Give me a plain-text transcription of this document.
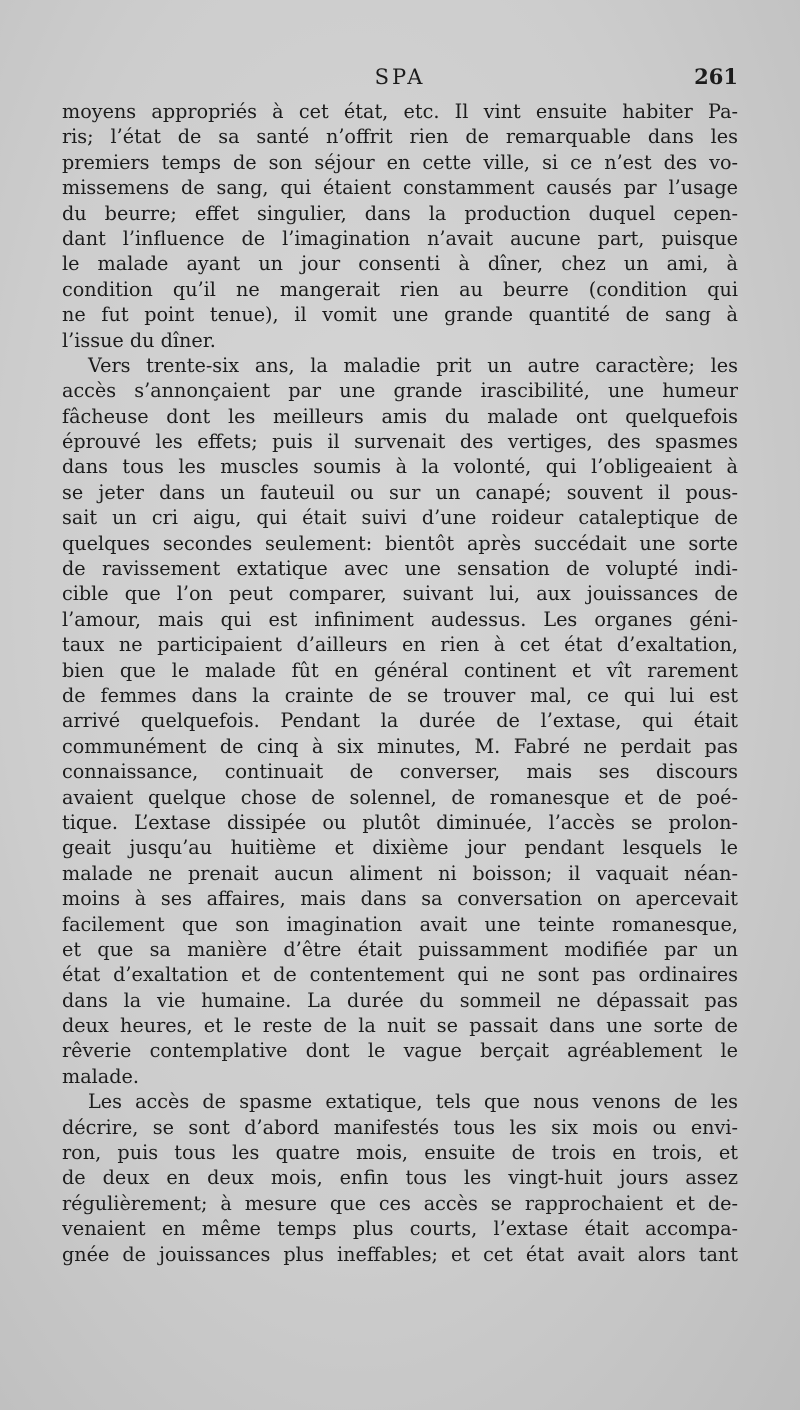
SPA	261
moyens appropriés à cet état, etc. Il vint ensuite habiter Pa-
ris; l’état de sa santé n’offrit rien de remarquable dans les
premiers temps de son séjour en cette ville, si ce n’est des vo-
missemens de sang, qui étaient constamment causés par l’usage
du beurre; effet singulier, dans la production duquel cepen-
dant l’influence de l’imagination n’avait aucune part, puisque
le malade ayant un jour consenti à dîner, chez un ami, à
condition qu’il ne mangerait rien au beurre (condition qui
ne fut point tenue), il vomit une grande quantité de sang à
l’issue du dîner.
Vers trente-six ans, la maladie prit un autre caractère; les
accès s’annonçaient par une grande irascibilité, une humeur
fâcheuse dont les meilleurs amis du malade ont quelquefois
éprouvé les effets; puis il survenait des vertiges, des spasmes
dans tous les muscles soumis à la volonté, qui l’obligeaient à
se jeter dans un fauteuil ou sur un canapé; souvent il pous-
sait un cri aigu, qui était suivi d’une roideur cataleptique de
quelques secondes seulement: bientôt après succédait une sorte
de ravissement extatique avec une sensation de volupté indi-
cible que l’on peut comparer, suivant lui, aux jouissances de
l’amour, mais qui est infiniment audessus. Les organes géni-
taux ne participaient d’ailleurs en rien à cet état d’exaltation,
bien que le malade fût en général continent et vît rarement
de femmes dans la crainte de se trouver mal, ce qui lui est
arrivé quelquefois. Pendant la durée de l’extase, qui était
communément de cinq à six minutes, M. Fabré ne perdait pas
connaissance, continuait de converser, mais ses discours
avaient quelque chose de solennel, de romanesque et de poé-
tique. L’extase dissipée ou plutôt diminuée, l’accès se prolon-
geait jusqu’au huitième et dixième jour pendant lesquels le
malade ne prenait aucun aliment ni boisson; il vaquait néan-
moins à ses affaires, mais dans sa conversation on apercevait
facilement que son imagination avait une teinte romanesque,
et que sa manière d’être était puissamment modifiée par un
état d’exaltation et de contentement qui ne sont pas ordinaires
dans la vie humaine. La durée du sommeil ne dépassait pas
deux heures, et le reste de la nuit se passait dans une sorte de
rêverie contemplative dont le vague berçait agréablement le
malade.
Les accès de spasme extatique, tels que nous venons de les
décrire, se sont d’abord manifestés tous les six mois ou envi-
ron, puis tous les quatre mois, ensuite de trois en trois, et
de deux en deux mois, enfin tous les vingt-huit jours assez
régulièrement; à mesure que ces accès se rapprochaient et de-
venaient en même temps plus courts, l’extase était accompa-
gnée de jouissances plus ineffables; et cet état avait alors tant
